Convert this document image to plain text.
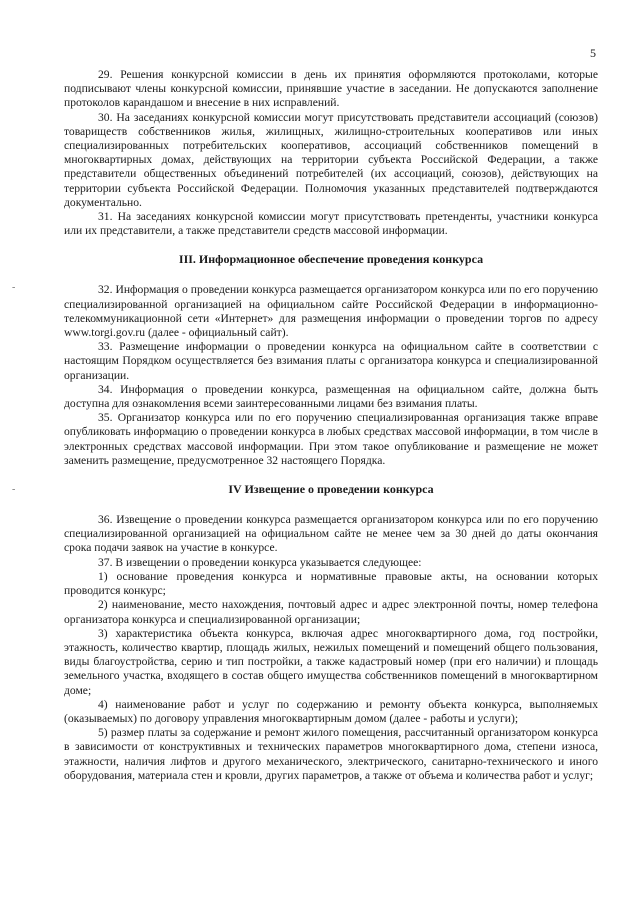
5
-
-

29. Решения конкурсной комиссии в день их принятия оформляются протоколами, которые подписывают члены конкурсной комиссии, принявшие участие в заседании. Не допускаются заполнение протоколов карандашом и внесение в них исправлений.

30. На заседаниях конкурсной комиссии могут присутствовать представители ассоциаций (союзов) товариществ собственников жилья, жилищных, жилищно-строительных кооперативов или иных специализированных потребительских кооперативов, ассоциаций собственников помещений в многоквартирных домах, действующих на территории субъекта Российской Федерации, а также представители общественных объединений потребителей (их ассоциаций, союзов), действующих на территории субъекта Российской Федерации. Полномочия указанных представителей подтверждаются документально.

31. На заседаниях конкурсной комиссии могут присутствовать претенденты, участники конкурса или их представители, а также представители средств массовой информации.

III. Информационное обеспечение проведения конкурса

32. Информация о проведении конкурса размещается организатором конкурса или по его поручению специализированной организацией на официальном сайте Российской Федерации в информационно-телекоммуникационной сети «Интернет» для размещения информации о проведении торгов по адресу www.torgi.gov.ru (далее - официальный сайт).

33. Размещение информации о проведении конкурса на официальном сайте в соответствии с настоящим Порядком осуществляется без взимания платы с организатора конкурса и специализированной организации.

34. Информация о проведении конкурса, размещенная на официальном сайте, должна быть доступна для ознакомления всеми заинтересованными лицами без взимания платы.

35. Организатор конкурса или по его поручению специализированная организация также вправе опубликовать информацию о проведении конкурса в любых средствах массовой информации, в том числе в электронных средствах массовой информации. При этом такое опубликование и размещение не может заменить размещение, предусмотренное 32 настоящего Порядка.

IV Извещение о проведении конкурса

36. Извещение о проведении конкурса размещается организатором конкурса или по его поручению специализированной организацией на официальном сайте не менее чем за 30 дней до даты окончания срока подачи заявок на участие в конкурсе.

37. В извещении о проведении конкурса указывается следующее:

1) основание проведения конкурса и нормативные правовые акты, на основании которых проводится конкурс;

2) наименование, место нахождения, почтовый адрес и адрес электронной почты, номер телефона организатора конкурса и специализированной организации;

3) характеристика объекта конкурса, включая адрес многоквартирного дома, год постройки, этажность, количество квартир, площадь жилых, нежилых помещений и помещений общего пользования, виды благоустройства, серию и тип постройки, а также кадастровый номер (при его наличии) и площадь земельного участка, входящего в состав общего имущества собственников помещений в многоквартирном доме;

4) наименование работ и услуг по содержанию и ремонту объекта конкурса, выполняемых (оказываемых) по договору управления многоквартирным домом (далее - работы и услуги);

5) размер платы за содержание и ремонт жилого помещения, рассчитанный организатором конкурса в зависимости от конструктивных и технических параметров многоквартирного дома, степени износа, этажности, наличия лифтов и другого механического, электрического, санитарно-технического и иного оборудования, материала стен и кровли, других параметров, а также от объема и количества работ и услуг;
